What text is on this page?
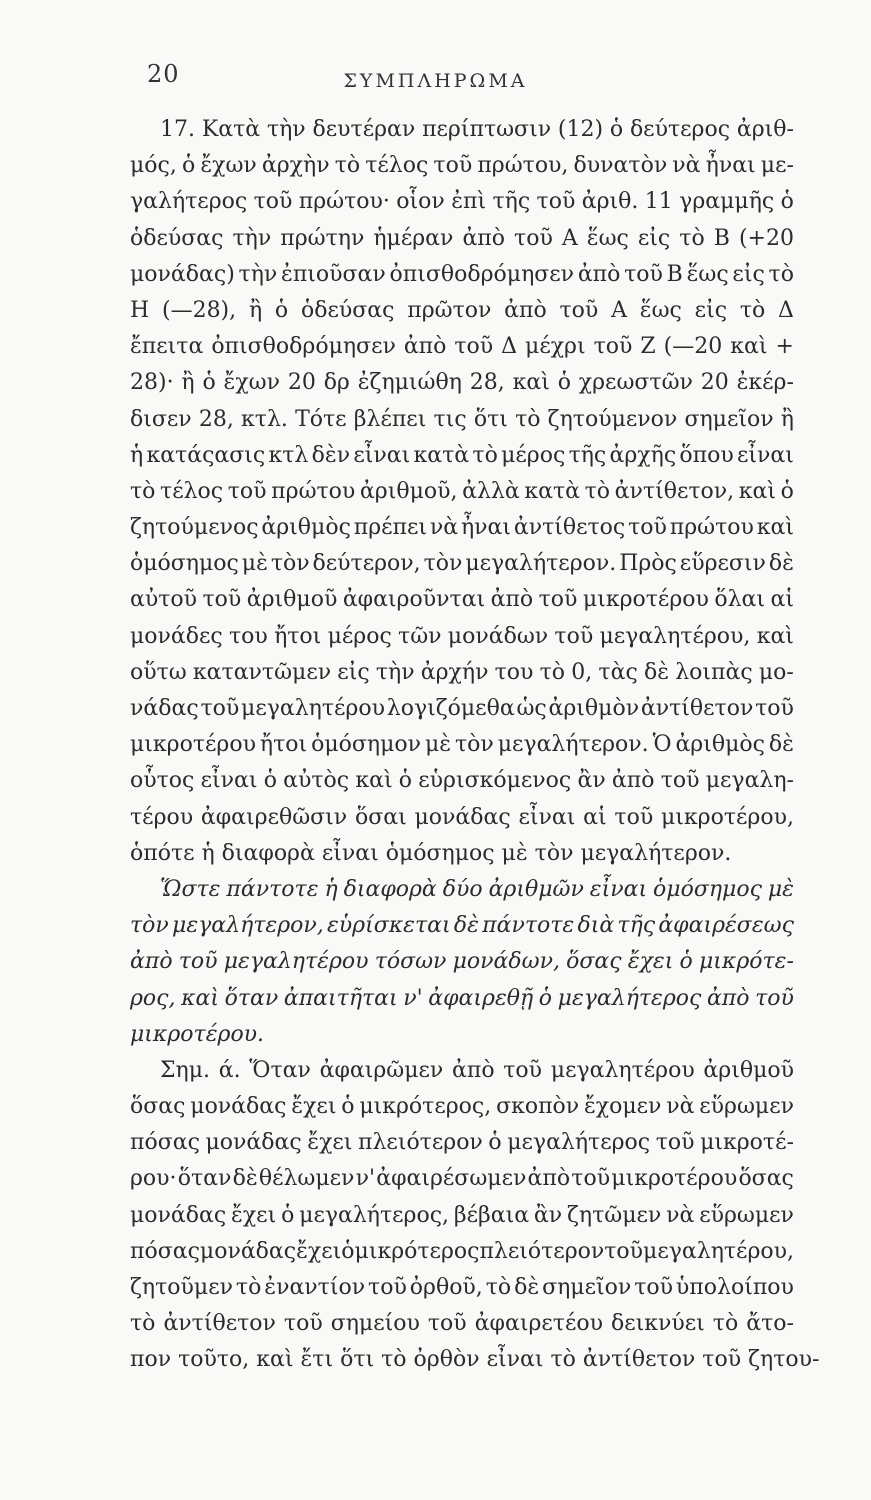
20	ΣΥΜΠΛΗΡΩΜΑ
17. Κατὰ τὴν δευτέραν περίπτωσιν (12) ὁ δεύτερος ἀριθ-
μός, ὁ ἔχων ἀρχὴν τὸ τέλος τοῦ πρώτου, δυνατὸν νὰ ἦναι με-
γαλήτερος τοῦ πρώτου· οἷον ἐπὶ τῆς τοῦ ἀριθ. 11 γραμμῆς ὁ
ὁδεύσας τὴν πρώτην ἡμέραν ἀπὸ τοῦ Α ἕως εἰς τὸ Β (+20
μονάδας) τὴν ἐπιοῦσαν ὀπισθοδρόμησεν ἀπὸ τοῦ Β ἕως εἰς τὸ
Η (—28), ἢ ὁ ὁδεύσας πρῶτον ἀπὸ τοῦ Α ἕως εἰς τὸ Δ
ἔπειτα ὀπισθοδρόμησεν ἀπὸ τοῦ Δ μέχρι τοῦ Ζ (—20 καὶ +
28)· ἢ ὁ ἔχων 20 δρ ἐζημιώθη 28, καὶ ὁ χρεωστῶν 20 ἐκέρ-
δισεν 28, κτλ. Τότε βλέπει τις ὅτι τὸ ζητούμενον σημεῖον ἢ
ἡ κατάςασις κτλ δὲν εἶναι κατὰ τὸ μέρος τῆς ἀρχῆς ὅπου εἶναι
τὸ τέλος τοῦ πρώτου ἀριθμοῦ, ἀλλὰ κατὰ τὸ ἀντίθετον, καὶ ὁ
ζητούμενος ἀριθμὸς πρέπει νὰ ἦναι ἀντίθετος τοῦ πρώτου καὶ
ὁμόσημος μὲ τὸν δεύτερον, τὸν μεγαλήτερον. Πρὸς εὕρεσιν δὲ
αὐτοῦ τοῦ ἀριθμοῦ ἀφαιροῦνται ἀπὸ τοῦ μικροτέρου ὅλαι αἱ
μονάδες του ἤτοι μέρος τῶν μονάδων τοῦ μεγαλητέρου, καὶ
οὕτω καταντῶμεν εἰς τὴν ἀρχήν του τὸ 0, τὰς δὲ λοιπὰς μο-
νάδας τοῦ μεγαλητέρου λογιζόμεθα ὡς ἀριθμὸν ἀντίθετον τοῦ
μικροτέρου ἤτοι ὁμόσημον μὲ τὸν μεγαλήτερον. Ὁ ἀριθμὸς δὲ
οὗτος εἶναι ὁ αὐτὸς καὶ ὁ εὑρισκόμενος ἂν ἀπὸ τοῦ μεγαλη-
τέρου ἀφαιρεθῶσιν ὅσαι μονάδας εἶναι αἱ τοῦ μικροτέρου,
ὁπότε ἡ διαφορὰ εἶναι ὁμόσημος μὲ τὸν μεγαλήτερον.
Ὥστε πάντοτε ἡ διαφορὰ δύο ἀριθμῶν εἶναι ὁμόσημος μὲ
τὸν μεγαλήτερον, εὑρίσκεται δὲ πάντοτε διὰ τῆς ἀφαιρέσεως
ἀπὸ τοῦ μεγαλητέρου τόσων μονάδων, ὅσας ἔχει ὁ μικρότε-
ρος, καὶ ὅταν ἀπαιτῆται ν' ἀφαιρεθῇ ὁ μεγαλήτερος ἀπὸ τοῦ
μικροτέρου.
Σημ. ά. Ὅταν ἀφαιρῶμεν ἀπὸ τοῦ μεγαλητέρου ἀριθμοῦ
ὅσας μονάδας ἔχει ὁ μικρότερος, σκοπὸν ἔχομεν νὰ εὕρωμεν
πόσας μονάδας ἔχει πλειότερον ὁ μεγαλήτερος τοῦ μικροτέ-
ρου· ὅταν δὲ θέλωμεν ν' ἀφαιρέσωμεν ἀπὸ τοῦ μικροτέρου ὅσας
μονάδας ἔχει ὁ μεγαλήτερος, βέβαια ἂν ζητῶμεν νὰ εὕρωμεν
πόσας μονάδας ἔχει ὁ μικρότερος πλειότερον τοῦ μεγαλητέρου,
ζητοῦμεν τὸ ἐναντίον τοῦ ὀρθοῦ, τὸ δὲ σημεῖον τοῦ ὑπολοίπου
τὸ ἀντίθετον τοῦ σημείου τοῦ ἀφαιρετέου δεικνύει τὸ ἄτο-
πον τοῦτο, καὶ ἔτι ὅτι τὸ ὀρθὸν εἶναι τὸ ἀντίθετον τοῦ ζητου-
